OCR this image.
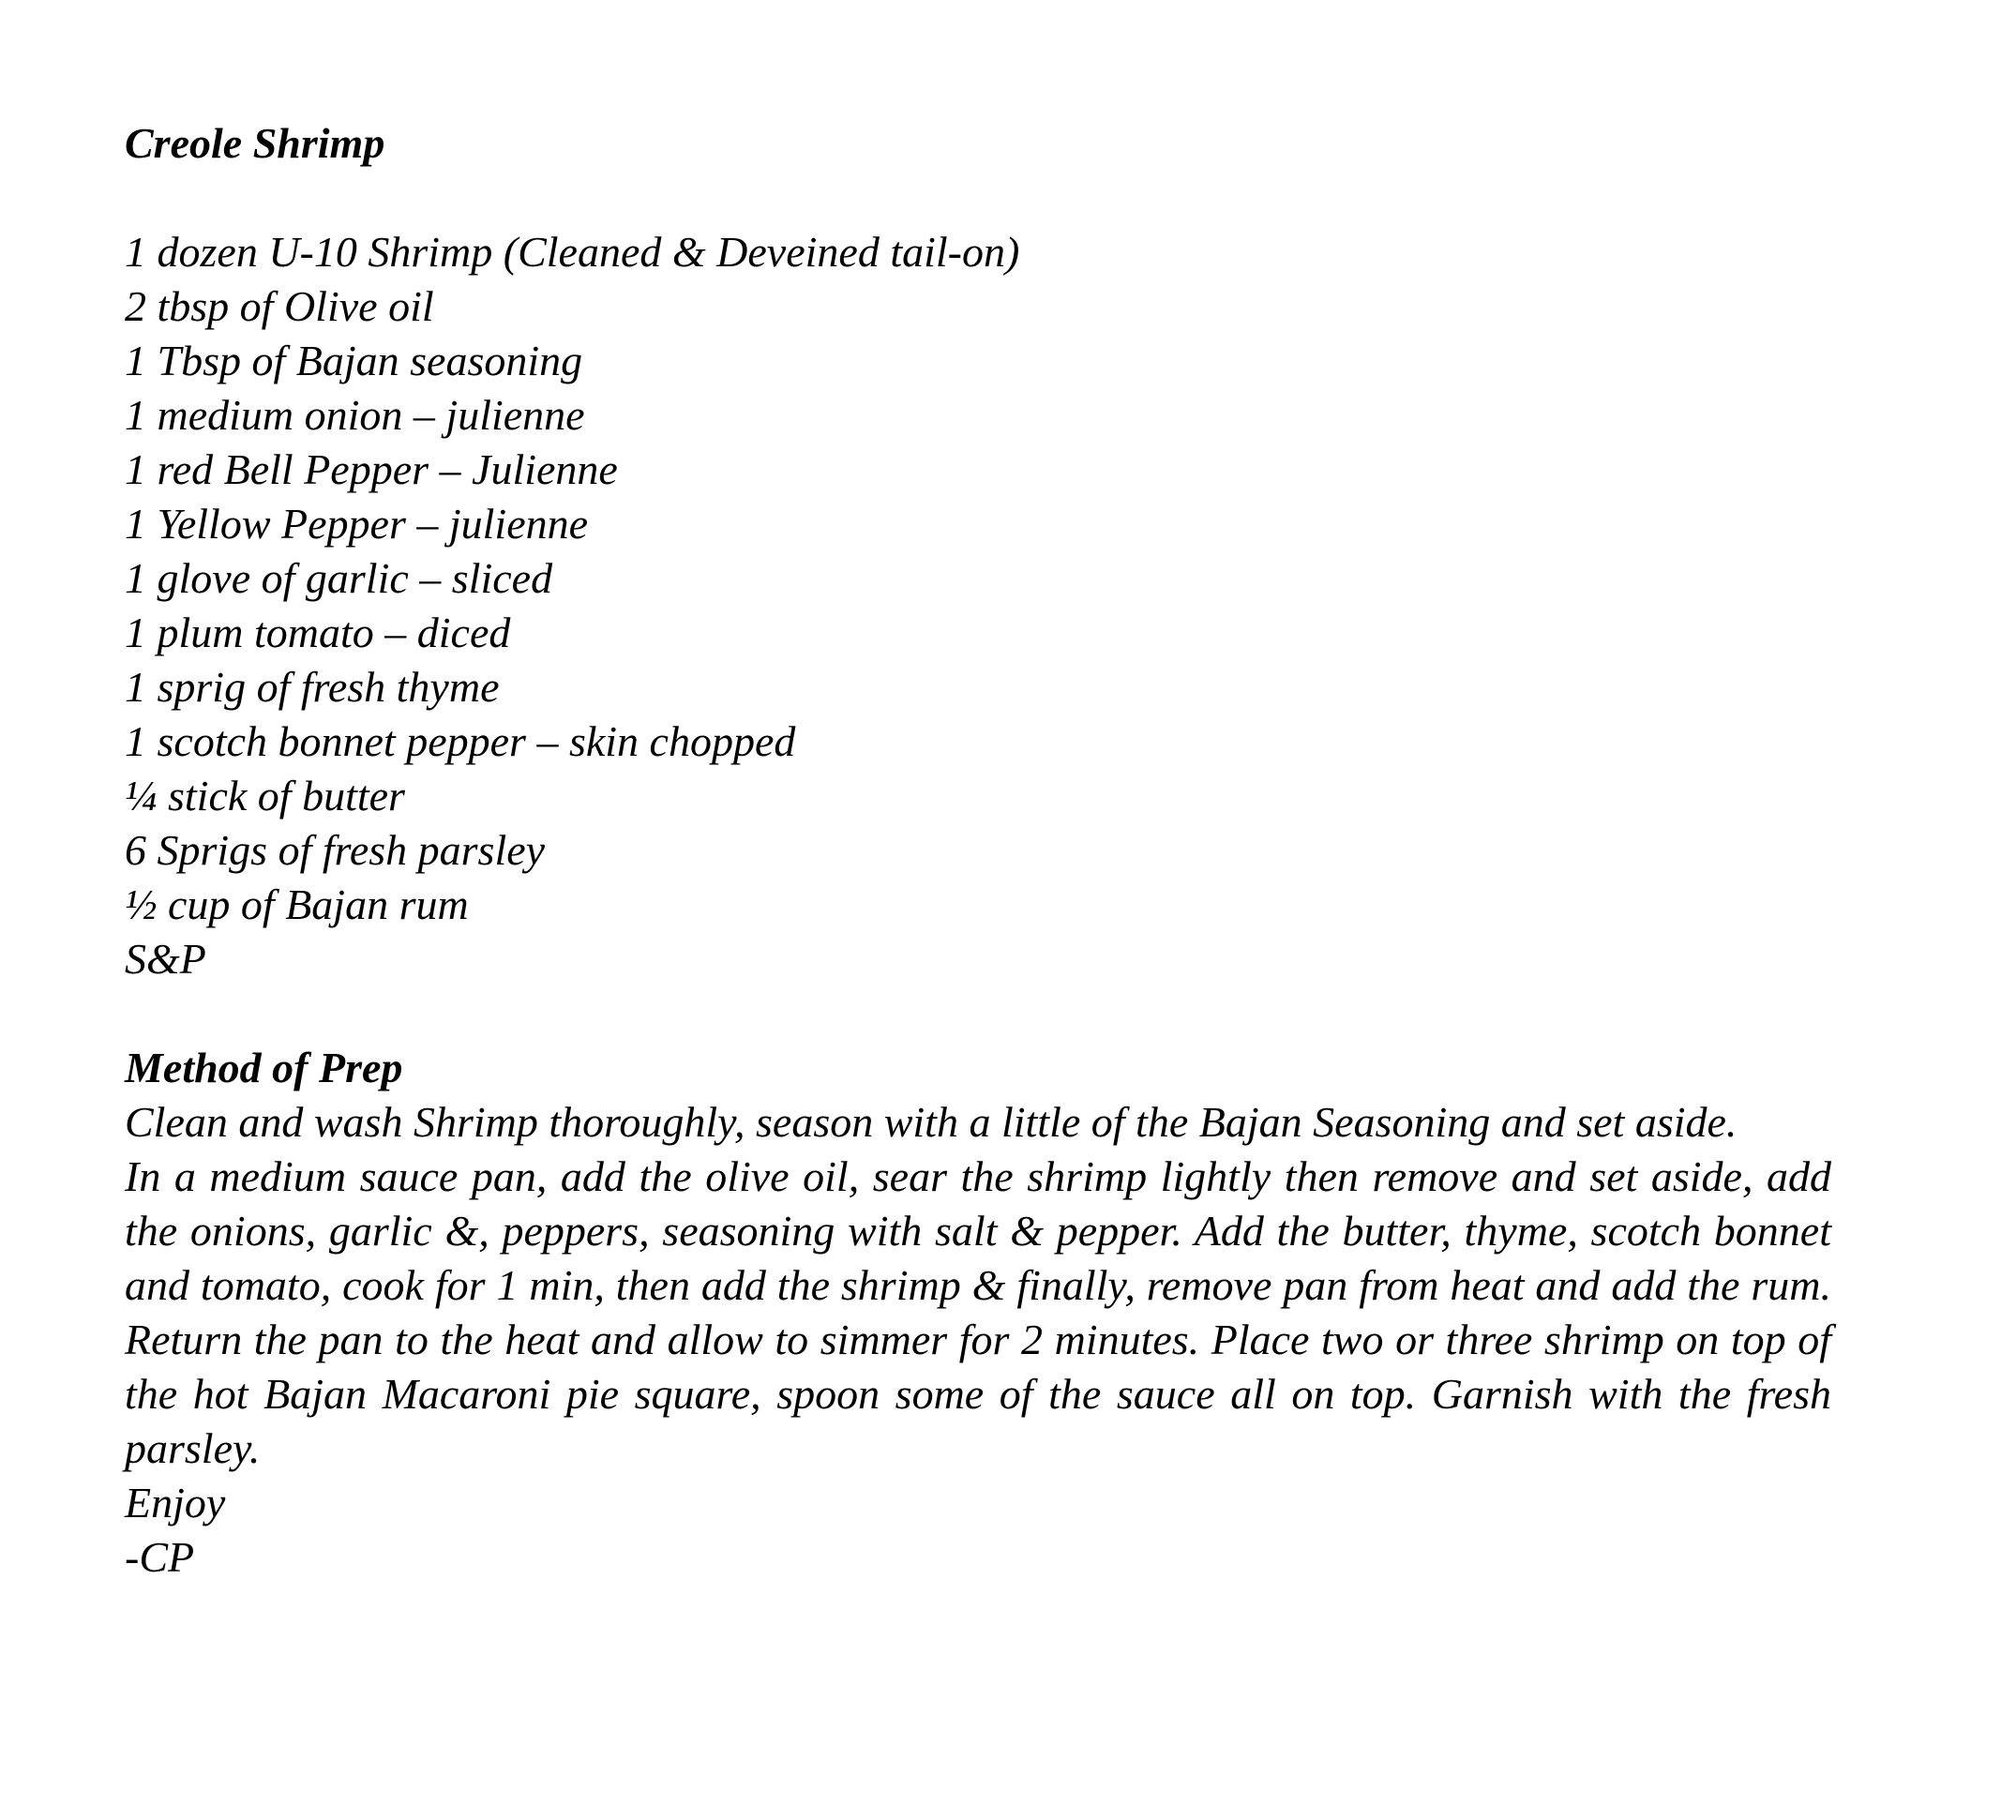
Creole Shrimp
1 dozen U-10 Shrimp (Cleaned & Deveined tail-on)
2 tbsp of Olive oil
1 Tbsp of Bajan seasoning
1 medium onion – julienne
1 red Bell Pepper – Julienne
1 Yellow Pepper – julienne
1 glove of garlic – sliced
1 plum tomato – diced
1 sprig of fresh thyme
1 scotch bonnet pepper – skin chopped
¼ stick of butter
6 Sprigs of fresh parsley
½ cup of Bajan rum
S&P
Method of Prep

Clean and wash Shrimp thoroughly, season with a little of the Bajan Seasoning and set aside.

In a medium sauce pan, add the olive oil, sear the shrimp lightly then remove and set aside, add the onions, garlic &, peppers, seasoning with salt & pepper. Add the butter, thyme, scotch bonnet and tomato, cook for 1 min, then add the shrimp & finally, remove pan from heat and add the rum. Return the pan to the heat and allow to simmer for 2 minutes. Place two or three shrimp on top of the hot Bajan Macaroni pie square, spoon some of the sauce all on top. Garnish with the fresh parsley.

Enjoy
-CP
